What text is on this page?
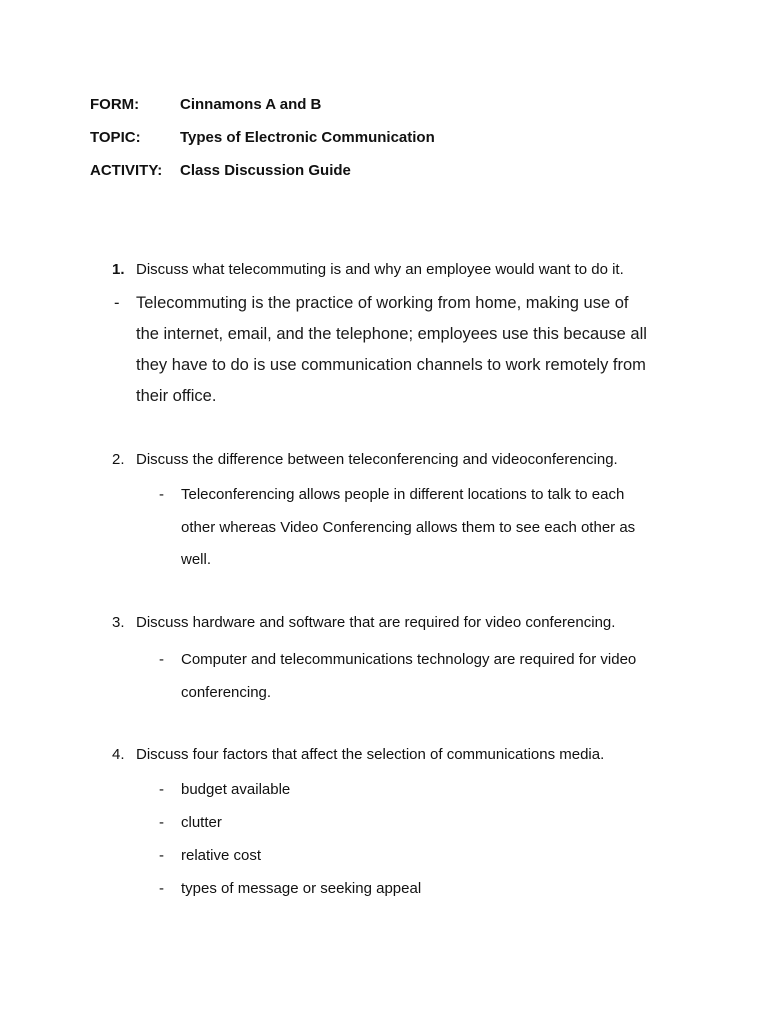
FORM:	Cinnamons A and B
TOPIC:	Types of Electronic Communication
ACTIVITY: Class Discussion Guide
1. Discuss what telecommuting is and why an employee would want to do it.
- Telecommuting is the practice of working from home, making use of
the internet, email, and the telephone; employees use this because all
they have to do is use communication channels to work remotely from
their office.
2. Discuss the difference between teleconferencing and videoconferencing.
- Teleconferencing allows people in different locations to talk to each
other whereas Video Conferencing allows them to see each other as
well.
3. Discuss hardware and software that are required for video conferencing.
- Computer and telecommunications technology are required for video
conferencing.
4. Discuss four factors that affect the selection of communications media.
- budget available
- clutter
- relative cost
- types of message or seeking appeal
